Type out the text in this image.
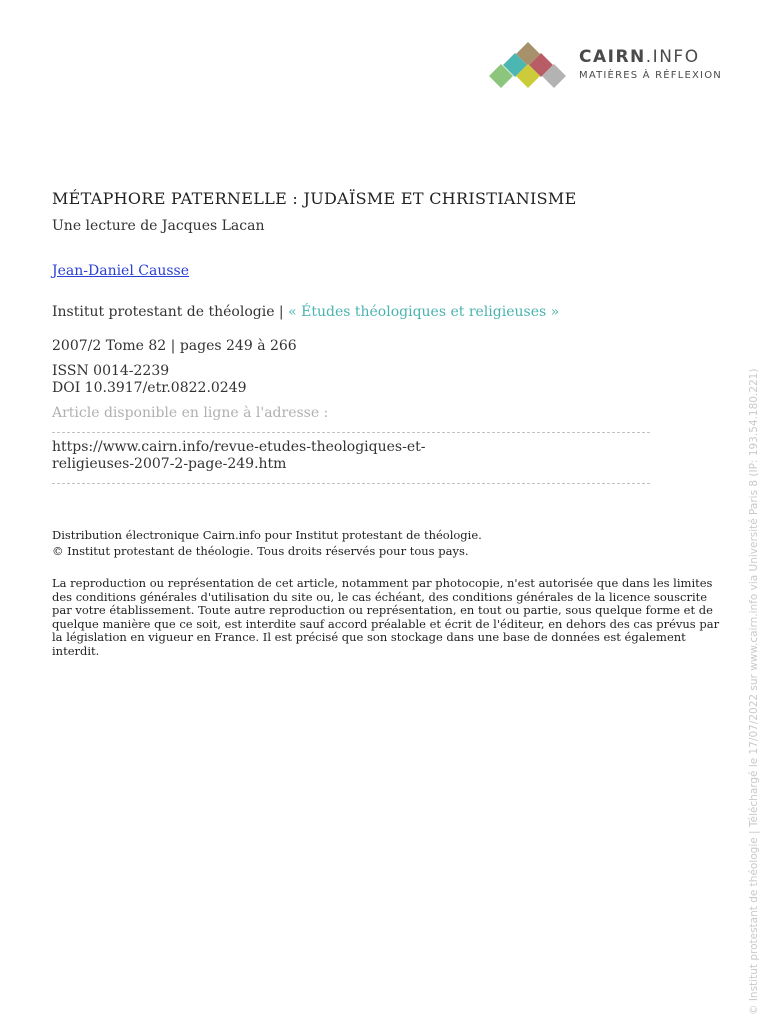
CAIRN.INFO
MATIÈRES À RÉFLEXION
MÉTAPHORE PATERNELLE : JUDAÏSME ET CHRISTIANISME
Une lecture de Jacques Lacan
Jean-Daniel Causse
Institut protestant de théologie | « Études théologiques et religieuses »
2007/2 Tome 82 | pages 249 à 266
ISSN 0014-2239
DOI 10.3917/etr.0822.0249
Article disponible en ligne à l'adresse :
https://www.cairn.info/revue-etudes-theologiques-et-religieuses-2007-2-page-249.htm
Distribution électronique Cairn.info pour Institut protestant de théologie.
© Institut protestant de théologie. Tous droits réservés pour tous pays.
La reproduction ou représentation de cet article, notamment par photocopie, n'est autorisée que dans les limites des conditions générales d'utilisation du site ou, le cas échéant, des conditions générales de la licence souscrite par votre établissement. Toute autre reproduction ou représentation, en tout ou partie, sous quelque forme et de quelque manière que ce soit, est interdite sauf accord préalable et écrit de l'éditeur, en dehors des cas prévus par la législation en vigueur en France. Il est précisé que son stockage dans une base de données est également interdit.	© Institut protestant de théologie | Téléchargé le 17/07/2022 sur www.cairn.info via Université Paris 8 (IP: 193.54.180.221)
